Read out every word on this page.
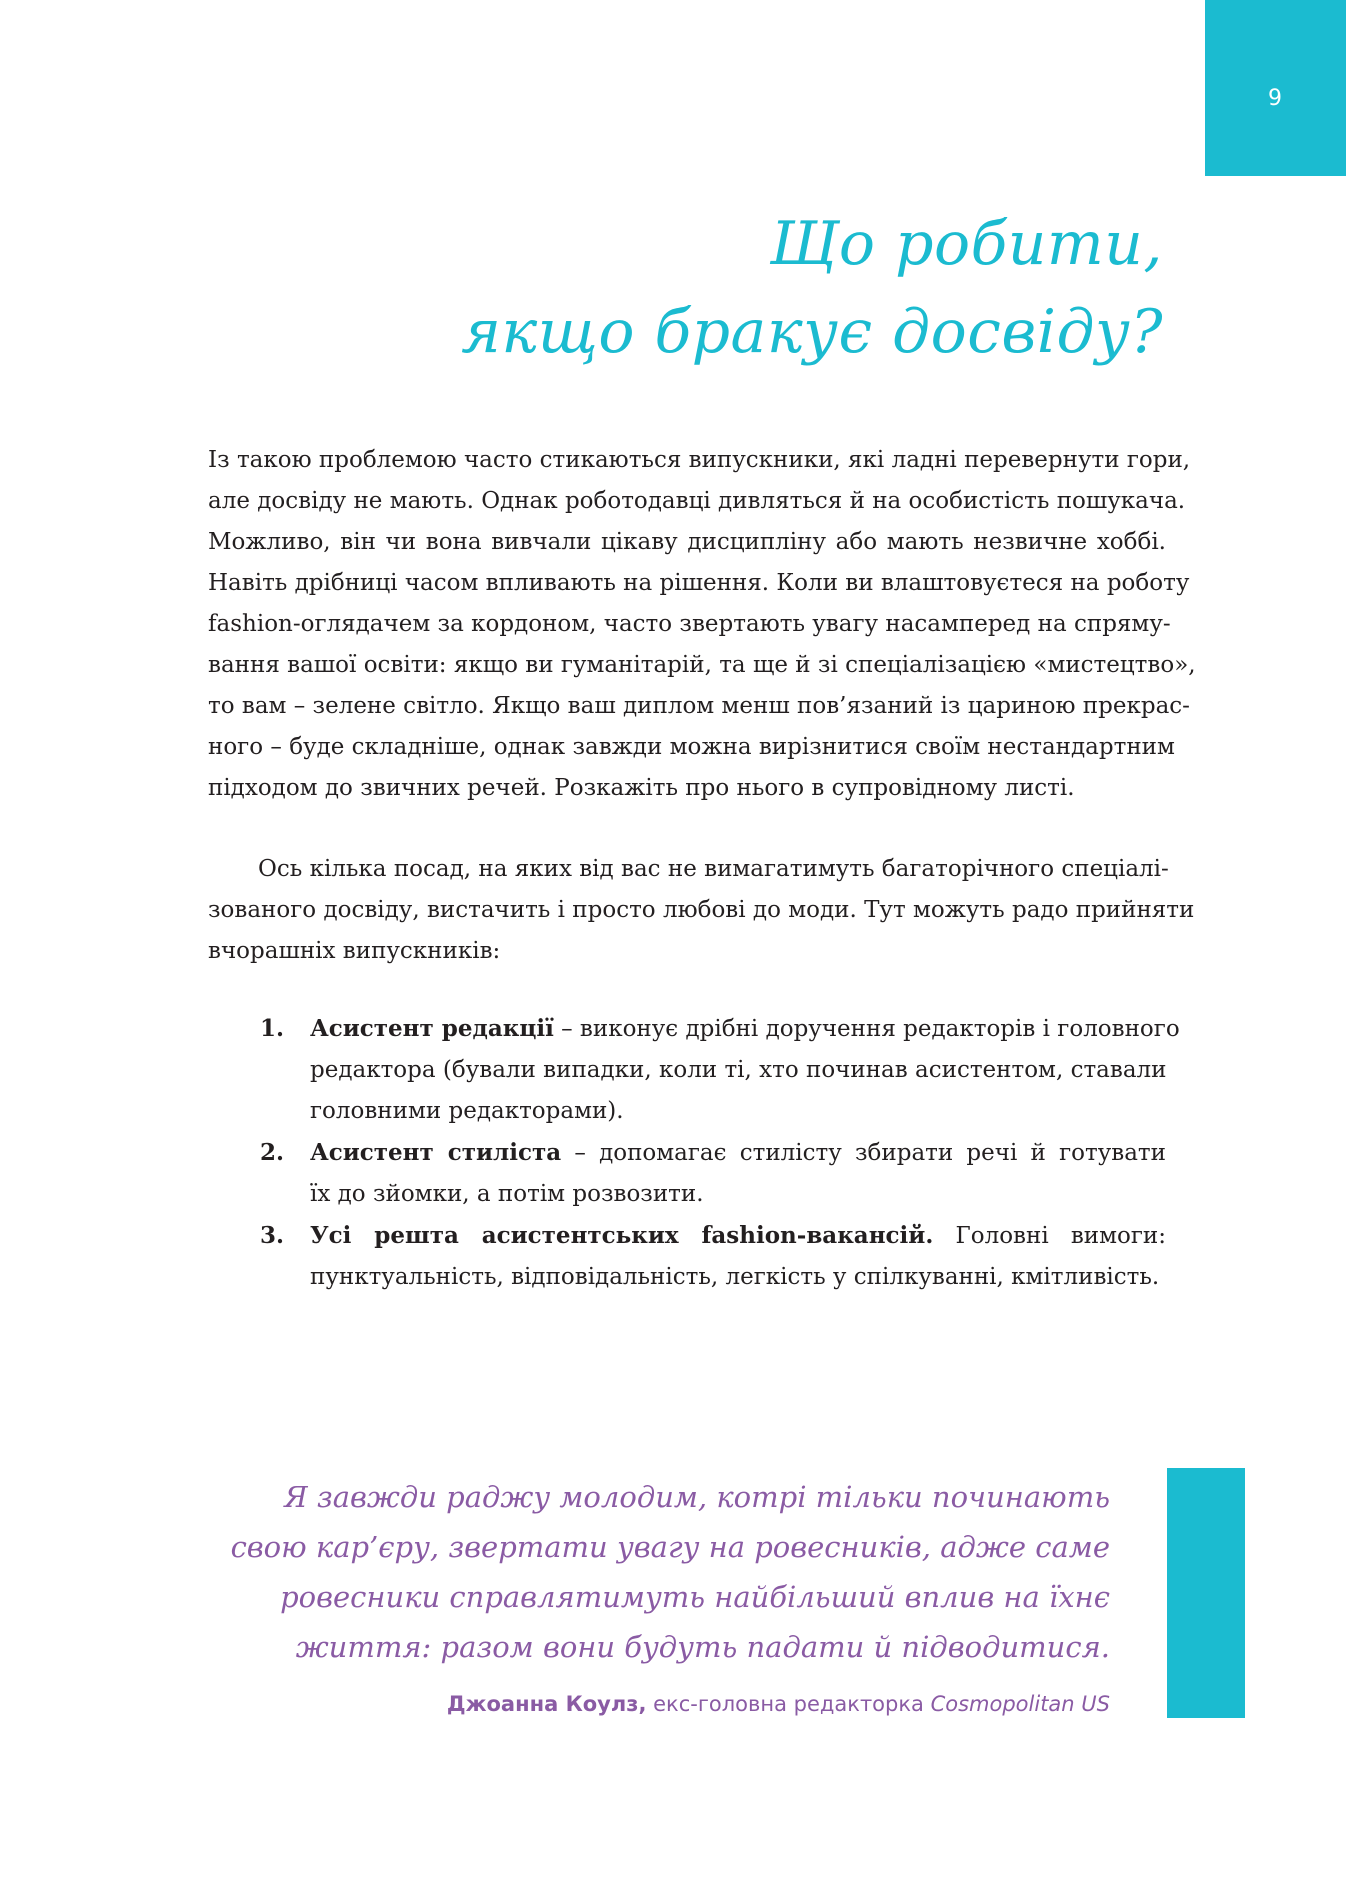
9
Що робити,
якщо бракує досвіду?

Із такою проблемою часто стикаються випускники, які ладні перевернути гори,
але досвіду не мають. Однак роботодавці дивляться й на особистість пошукача.
Можливо, він чи вона вивчали цікаву дисципліну або мають незвичне хоббі.
Навіть дрібниці часом впливають на рішення. Коли ви влаштовуєтеся на роботу
fashion-оглядачем за кордоном, часто звертають увагу насамперед на спряму-
вання вашої освіти: якщо ви гуманітарій, та ще й зі спеціалізацією «мистецтво»,
то вам – зелене світло. Якщо ваш диплом менш пов’язаний із цариною прекрас-
ного – буде складніше, однак завжди можна вирізнитися своїм нестандартним
підходом до звичних речей. Розкажіть про нього в супровідному листі.

Ось кілька посад, на яких від вас не вимагатимуть багаторічного спеціалі-
зованого досвіду, вистачить і просто любові до моди. Тут можуть радо прийняти
вчорашніх випускників:

1. Асистент редакції – виконує дрібні доручення редакторів і головного
редактора (бували випадки, коли ті, хто починав асистентом, ставали
головними редакторами).
2. Асистент стиліста – допомагає стилісту збирати речі й готувати
їх до зйомки, а потім розвозити.
3. Усі решта асистентських fashion-вакансій. Головні вимоги:
пунктуальність, відповідальність, легкість у спілкуванні, кмітливість.
Я завжди раджу молодим, котрі тільки починають
свою кар’єру, звертати увагу на ровесників, адже саме
ровесники справлятимуть найбільший вплив на їхнє
життя: разом вони будуть падати й підводитися.
Джоанна Коулз, екс-головна редакторка Cosmopolitan US
